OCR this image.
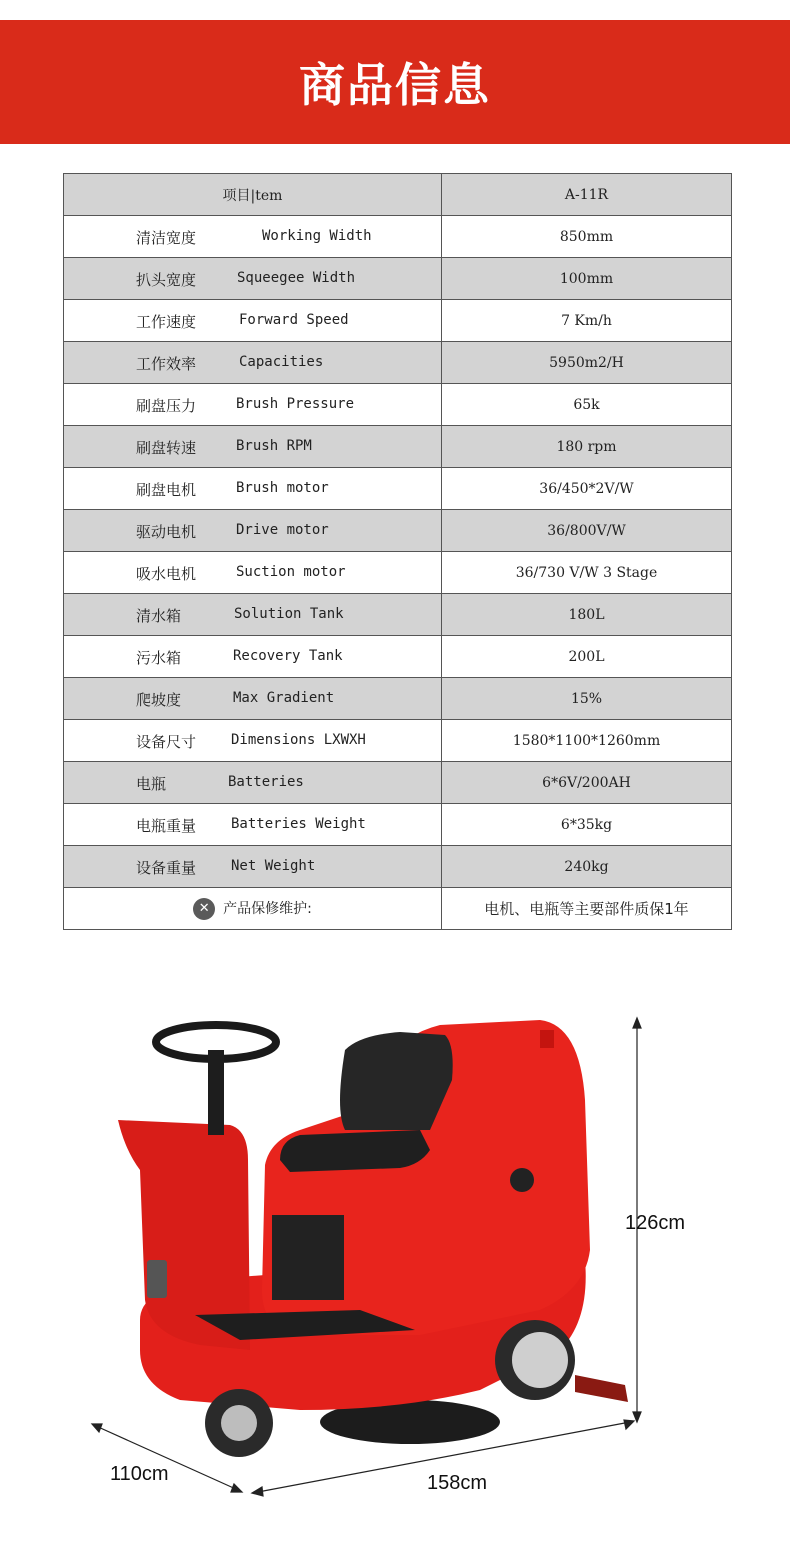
商品信息
项目|tem	A-11R

清洁宽度 Working Width	850mm

扒头宽度 Squeegee Width	100mm

工作速度 Forward Speed	7 Km/h

工作效率 Capacities	5950m2/H

刷盘压力 Brush Pressure	65k

刷盘转速 Brush RPM	180 rpm

刷盘电机 Brush motor	36/450*2V/W

驱动电机 Drive motor	36/800V/W

吸水电机 Suction motor	36/730 V/W 3 Stage

清水箱 Solution Tank	180L

污水箱 Recovery Tank	200L

爬坡度 Max Gradient	15%

设备尺寸 Dimensions LXWXH	1580*1100*1260mm

电瓶 Batteries	6*6V/200AH

电瓶重量 Batteries Weight	6*35kg

设备重量 Net Weight	240kg
✕ 产品保修维护:	电机、电瓶等主要部件质保1年
126cm
158cm
110cm
